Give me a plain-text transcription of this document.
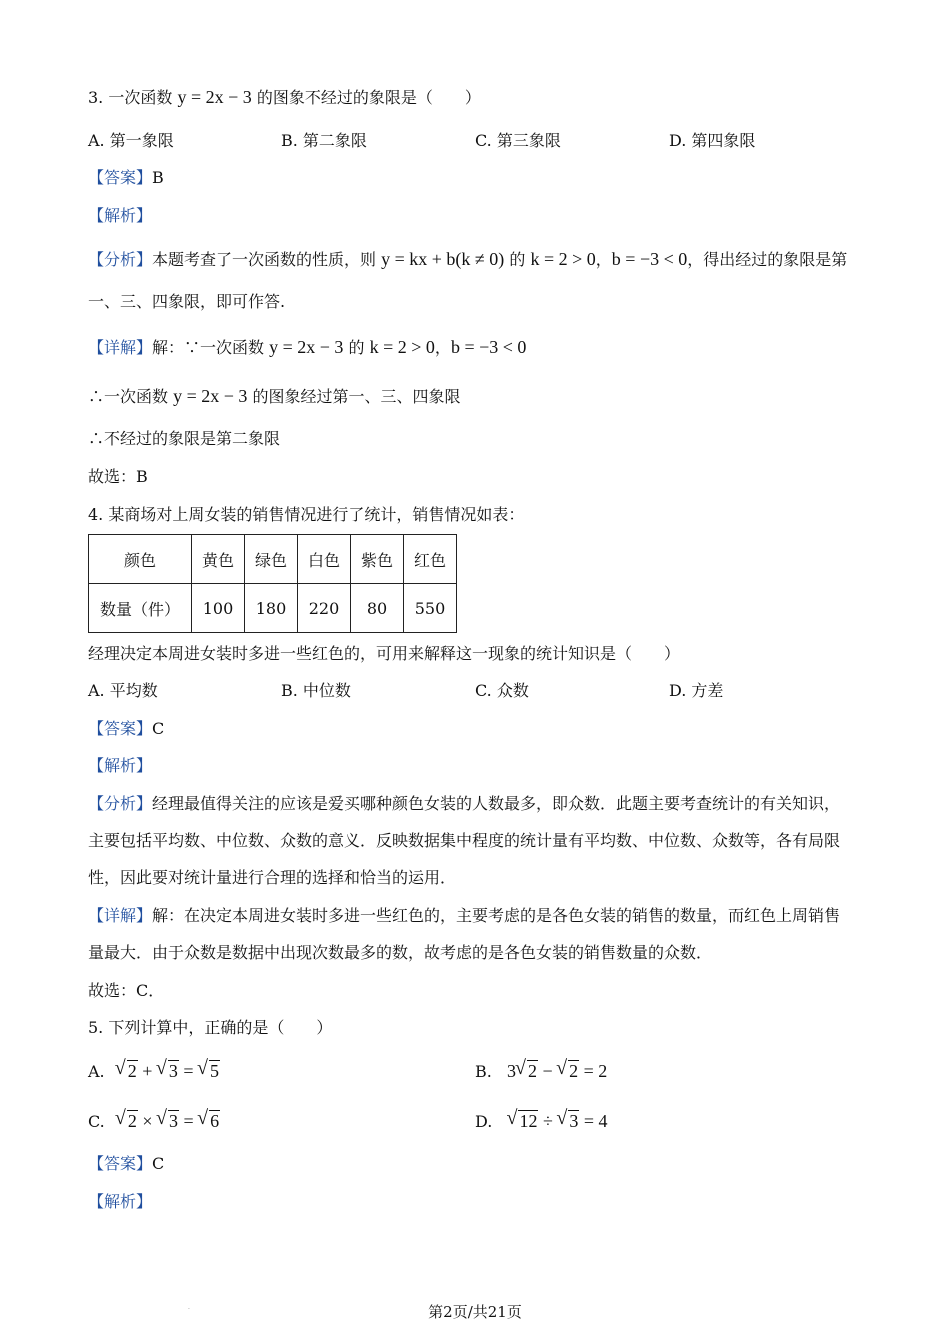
3. 一次函数 y = 2x − 3 的图象不经过的象限是（　　）
A. 第一象限	B. 第二象限	C. 第三象限	D. 第四象限
【答案】B
【解析】
【分析】本题考查了一次函数的性质，则 y = kx + b(k ≠ 0) 的 k = 2 > 0，b = −3 < 0，得出经过的象限是第
一、三、四象限，即可作答.
【详解】解：∵一次函数 y = 2x − 3 的 k = 2 > 0，b = −3 < 0
∴一次函数 y = 2x − 3 的图象经过第一、三、四象限
∴不经过的象限是第二象限
故选：B
4. 某商场对上周女装的销售情况进行了统计，销售情况如表：
颜色	黄色	绿色	白色	紫色	红色
数量（件）	100	180	220	80	550
经理决定本周进女装时多进一些红色的，可用来解释这一现象的统计知识是（　　）
A. 平均数	B. 中位数	C. 众数	D. 方差
【答案】C
【解析】
【分析】经理最值得关注的应该是爱买哪种颜色女装的人数最多，即众数．此题主要考查统计的有关知识，
主要包括平均数、中位数、众数的意义．反映数据集中程度的统计量有平均数、中位数、众数等，各有局限
性，因此要对统计量进行合理的选择和恰当的运用．
【详解】解：在决定本周进女装时多进一些红色的，主要考虑的是各色女装的销售的数量，而红色上周销售
量最大．由于众数是数据中出现次数最多的数，故考虑的是各色女装的销售数量的众数．
故选：C．
5. 下列计算中，正确的是（　　）
A. √ 2 + √ 3 = √ 5	B. 3 √ 2 − √ 2 = 2
C. √ 2 × √ 3 = √ 6	D. √ 12 ÷ √ 3 = 4
【答案】C
【解析】
·	第2页/共21页
